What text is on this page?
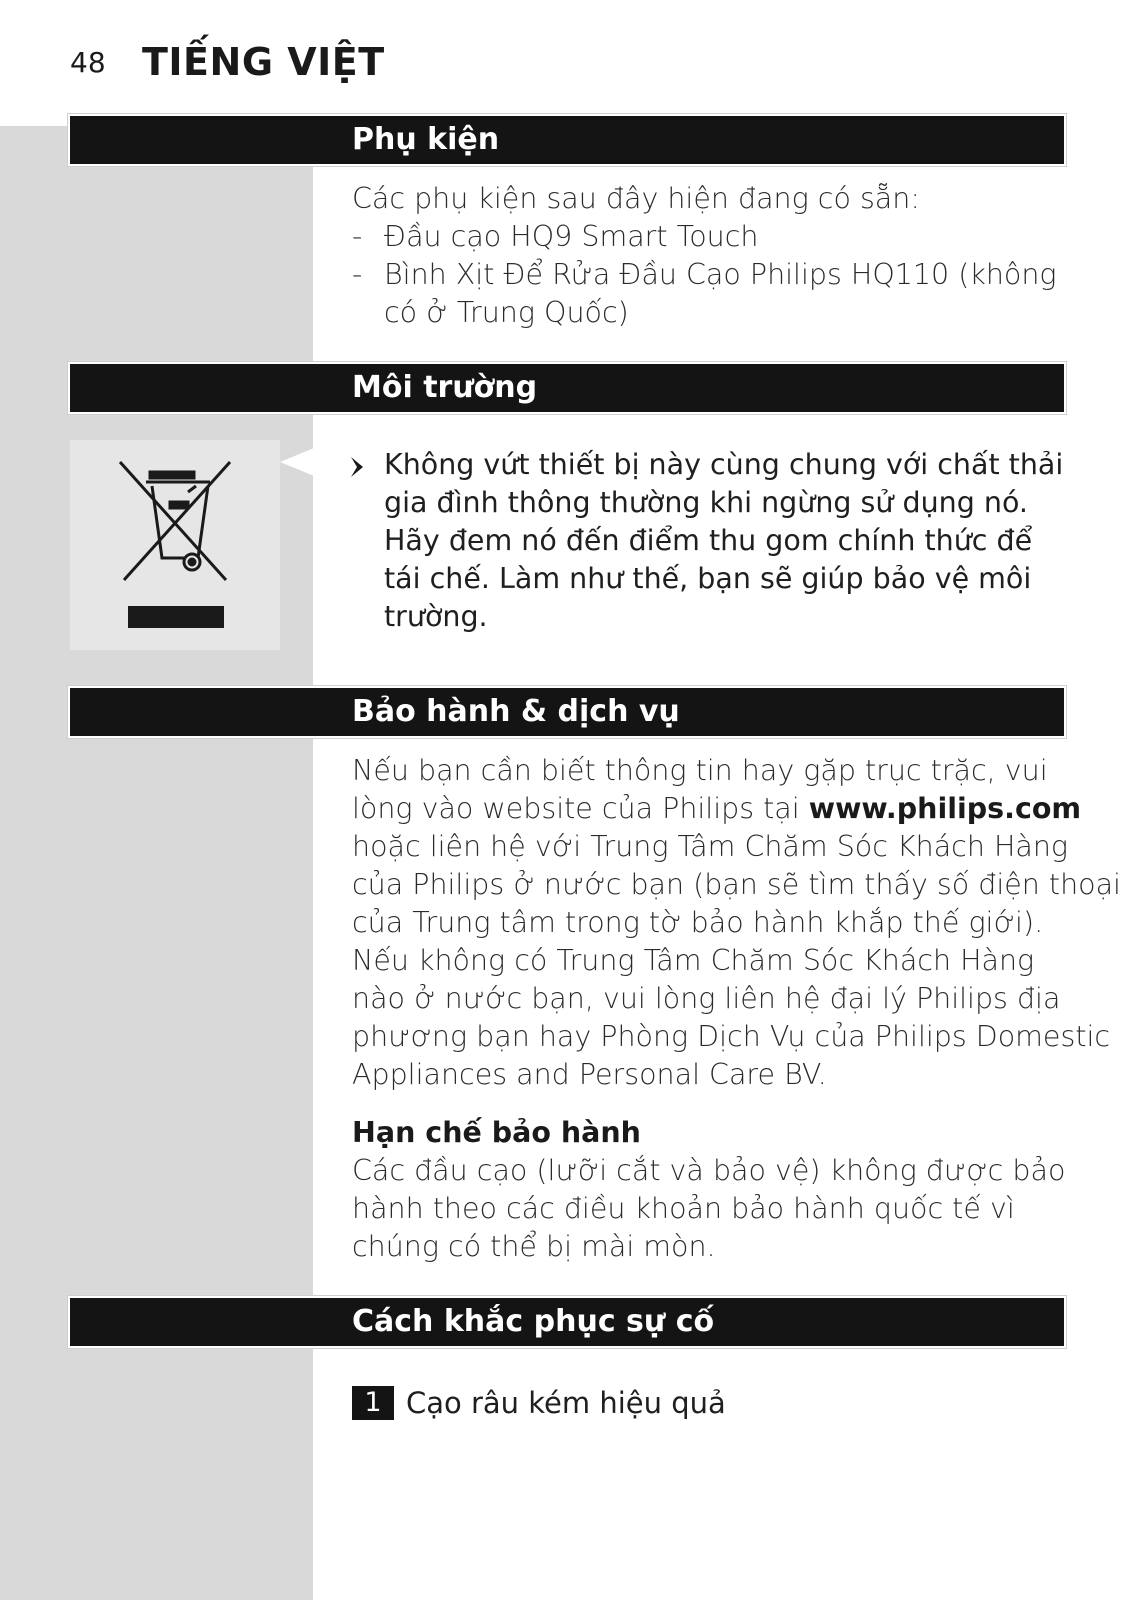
48 TIẾNG VIỆT
Phụ kiện
Các phụ kiện sau đây hiện đang có sẵn:
- Đầu cạo HQ9 Smart Touch
- Bình Xịt Để Rửa Đầu Cạo Philips HQ110 (không
có ở Trung Quốc)
Môi trường
Không vứt thiết bị này cùng chung với chất thải
gia đình thông thường khi ngừng sử dụng nó.
Hãy đem nó đến điểm thu gom chính thức để
tái chế. Làm như thế, bạn sẽ giúp bảo vệ môi
trường.
Bảo hành & dịch vụ
Nếu bạn cần biết thông tin hay gặp trục trặc, vui
lòng vào website của Philips tại www.philips.com
hoặc liên hệ với Trung Tâm Chăm Sóc Khách Hàng
của Philips ở nước bạn (bạn sẽ tìm thấy số điện thoại
của Trung tâm trong tờ bảo hành khắp thế giới).
Nếu không có Trung Tâm Chăm Sóc Khách Hàng
nào ở nước bạn, vui lòng liên hệ đại lý Philips địa
phương bạn hay Phòng Dịch Vụ của Philips Domestic
Appliances and Personal Care BV.
Hạn chế bảo hành
Các đầu cạo (lưỡi cắt và bảo vệ) không được bảo
hành theo các điều khoản bảo hành quốc tế vì
chúng có thể bị mài mòn.
Cách khắc phục sự cố
1 Cạo râu kém hiệu quả
